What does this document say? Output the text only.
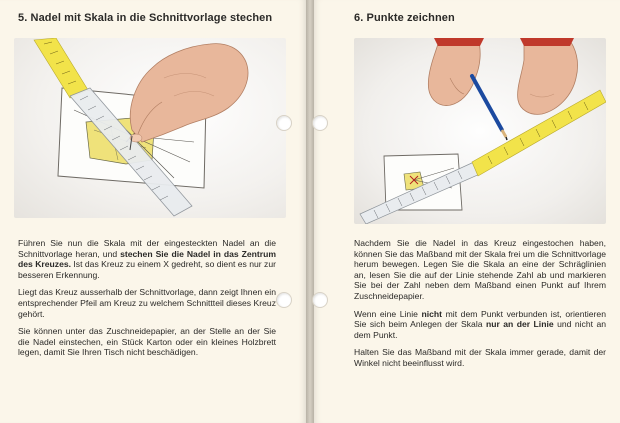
5. Nadel mit Skala in die Schnittvorlage stechen

Führen Sie nun die Skala mit der eingesteckten Nadel an die Schnittvorlage heran, und stechen Sie die Nadel in das Zentrum des Kreuzes. Ist das Kreuz zu einem X gedreht, so dient es nur zur besseren Erkennung.

Liegt das Kreuz ausserhalb der Schnittvorlage, dann zeigt Ihnen ein entsprechender Pfeil am Kreuz zu welchem Schnittteil dieses Kreuz gehört.

Sie können unter das Zuschneidepapier, an der Stelle an der Sie die Nadel einstechen, ein Stück Karton oder ein kleines Holzbrett legen, damit Sie Ihren Tisch nicht beschädigen.

6. Punkte zeichnen

Nachdem Sie die Nadel in das Kreuz eingestochen haben, können Sie das Maßband mit der Skala frei um die Schnittvorlage herum bewegen. Legen Sie die Skala an eine der Schräglinien an, lesen Sie die auf der Linie stehende Zahl ab und markieren Sie bei der Zahl neben dem Maßband einen Punkt auf Ihrem Zuschneidepapier.

Wenn eine Linie nicht mit dem Punkt verbunden ist, orientieren Sie sich beim Anlegen der Skala nur an der Linie und nicht an dem Punkt.

Halten Sie das Maßband mit der Skala immer gerade, damit der Winkel nicht beeinflusst wird.
